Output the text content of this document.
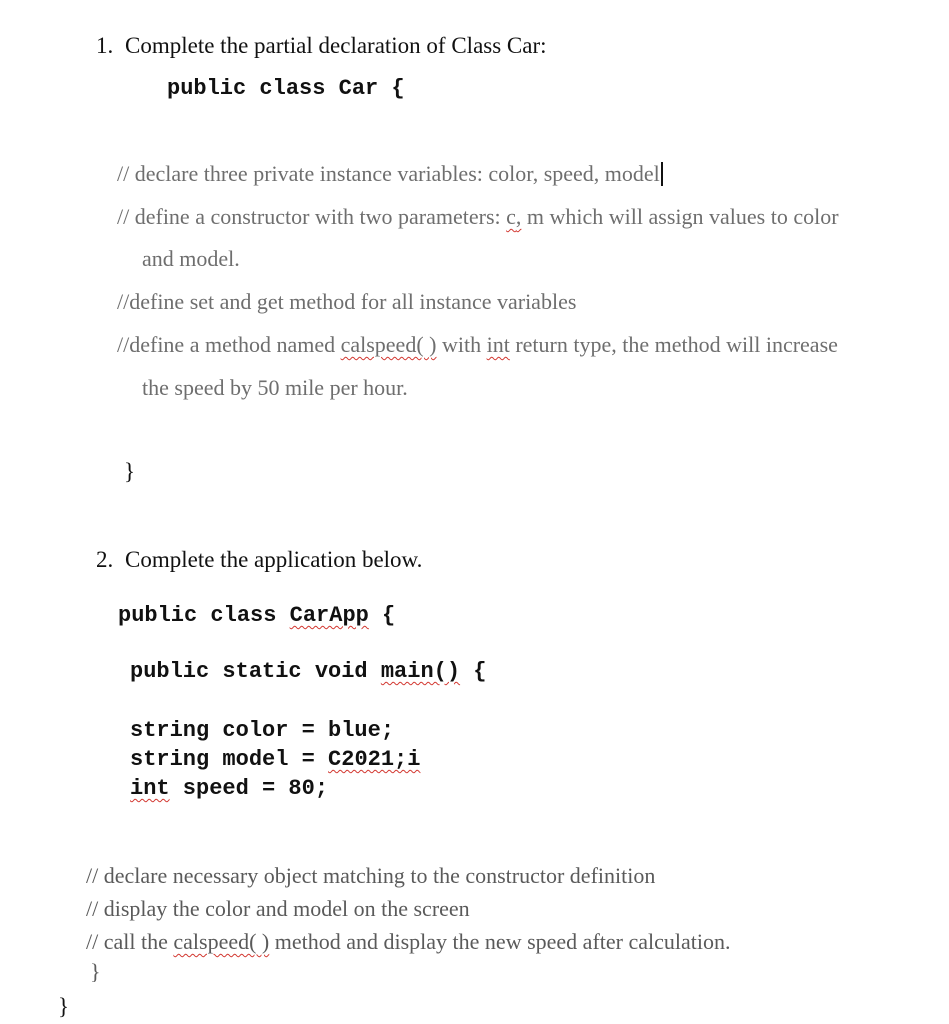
1. Complete the partial declaration of Class Car:
public class Car {
// declare three private instance variables: color, speed, model
// define a constructor with two parameters: c, m which will assign values to color
and model.
//define set and get method for all instance variables
//define a method named calspeed( ) with int return type, the method will increase
the speed by 50 mile per hour.
}
2. Complete the application below.
public class CarApp {
public static void main() {
string color = blue;
string model = C2021;i
int speed = 80;
// declare necessary object matching to the constructor definition
// display the color and model on the screen
// call the calspeed( ) method and display the new speed after calculation.
}
}
